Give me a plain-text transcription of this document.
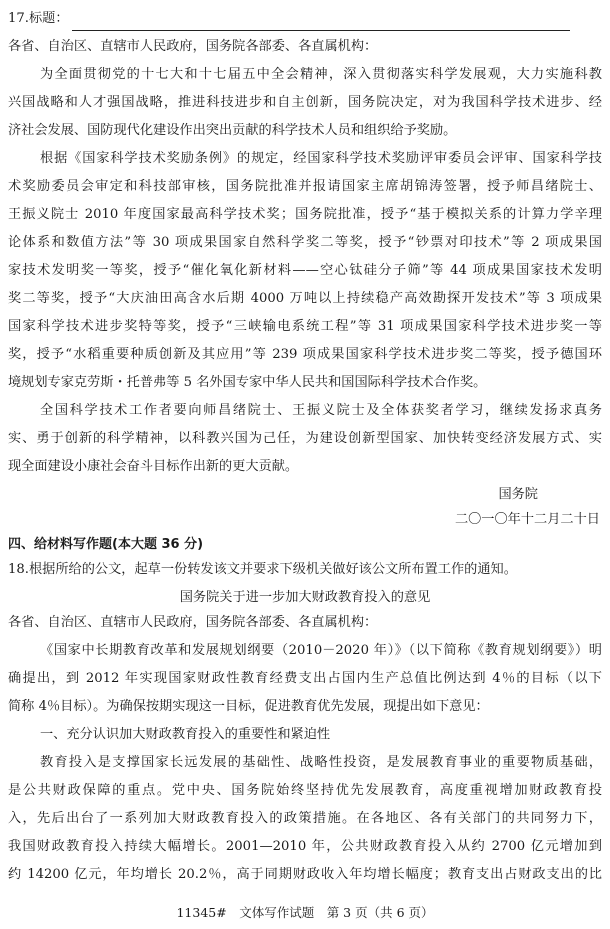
17.标题：
各省、自治区、直辖市人民政府，国务院各部委、各直属机构：
为全面贯彻党的十七大和十七届五中全会精神，深入贯彻落实科学发展观，大力实施科教
兴国战略和人才强国战略，推进科技进步和自主创新，国务院决定，对为我国科学技术进步、经
济社会发展、国防现代化建设作出突出贡献的科学技术人员和组织给予奖励。
根据《国家科学技术奖励条例》的规定，经国家科学技术奖励评审委员会评审、国家科学技
术奖励委员会审定和科技部审核，国务院批准并报请国家主席胡锦涛签署，授予师昌绪院士、
王振义院士 2010 年度国家最高科学技术奖；国务院批准，授予“基于模拟关系的计算力学辛理
论体系和数值方法”等 30 项成果国家自然科学奖二等奖，授予“钞票对印技术”等 2 项成果国
家技术发明奖一等奖，授予“催化氧化新材料——空心钛硅分子筛”等 44 项成果国家技术发明
奖二等奖，授予“大庆油田高含水后期 4000 万吨以上持续稳产高效勘探开发技术”等 3 项成果
国家科学技术进步奖特等奖，授予“三峡输电系统工程”等 31 项成果国家科学技术进步奖一等
奖，授予“水稻重要种质创新及其应用”等 239 项成果国家科学技术进步奖二等奖，授予德国环
境规划专家克劳斯・托普弗等 5 名外国专家中华人民共和国国际科学技术合作奖。
全国科学技术工作者要向师昌绪院士、王振义院士及全体获奖者学习，继续发扬求真务
实、勇于创新的科学精神，以科教兴国为己任，为建设创新型国家、加快转变经济发展方式、实
现全面建设小康社会奋斗目标作出新的更大贡献。
国务院
二〇一〇年十二月二十日
四、给材料写作题(本大题 36 分)
18.根据所给的公文，起草一份转发该文并要求下级机关做好该公文所布置工作的通知。
国务院关于进一步加大财政教育投入的意见
各省、自治区、直辖市人民政府，国务院各部委、各直属机构：
《国家中长期教育改革和发展规划纲要（2010－2020 年）》（以下简称《教育规划纲要》）明
确提出，到 2012 年实现国家财政性教育经费支出占国内生产总值比例达到 4％的目标（以下
简称 4％目标）。为确保按期实现这一目标，促进教育优先发展，现提出如下意见：
一、充分认识加大财政教育投入的重要性和紧迫性
教育投入是支撑国家长远发展的基础性、战略性投资，是发展教育事业的重要物质基础，
是公共财政保障的重点。党中央、国务院始终坚持优先发展教育，高度重视增加财政教育投
入，先后出台了一系列加大财政教育投入的政策措施。在各地区、各有关部门的共同努力下，
我国财政教育投入持续大幅增长。2001—2010 年，公共财政教育投入从约 2700 亿元增加到
约 14200 亿元，年均增长 20.2％，高于同期财政收入年均增长幅度；教育支出占财政支出的比
11345#　文体写作试题　第 3 页（共 6 页）
